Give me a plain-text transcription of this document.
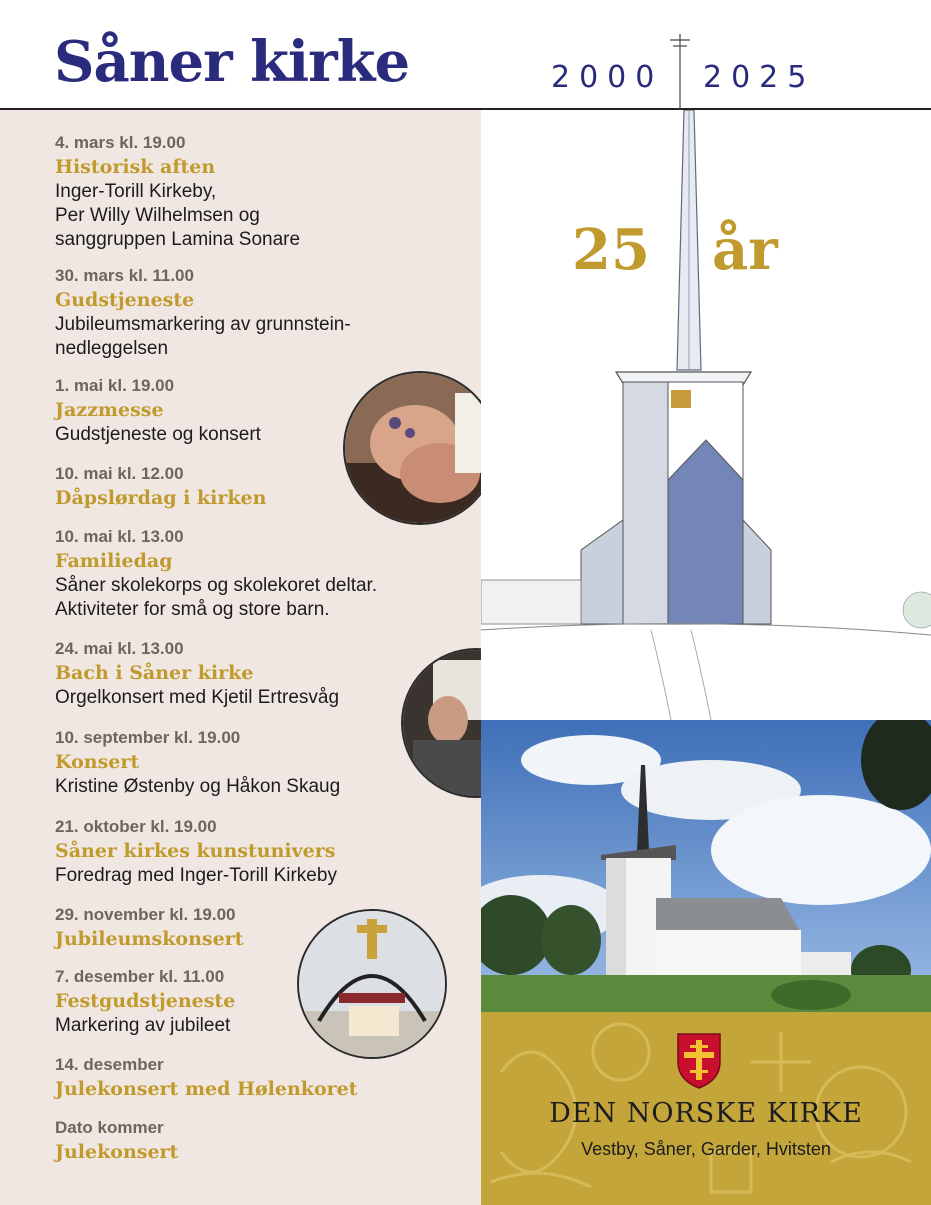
Såner kirke	2000 2025
4. mars kl. 19.00
Historisk aften
Inger-Torill Kirkeby,
Per Willy Wilhelmsen og
sanggruppen Lamina Sonare
30. mars kl. 11.00
Gudstjeneste
Jubileumsmarkering av grunnstein-
nedleggelsen
1. mai kl. 19.00
Jazzmesse
Gudstjeneste og konsert
10. mai kl. 12.00
Dåpslørdag i kirken
10. mai kl. 13.00
Familiedag
Såner skolekorps og skolekoret deltar.
Aktiviteter for små og store barn.
24. mai kl. 13.00
Bach i Såner kirke
Orgelkonsert med Kjetil Ertresvåg
10. september kl. 19.00
Konsert
Kristine Østenby og Håkon Skaug
21. oktober kl. 19.00
Såner kirkes kunstunivers
Foredrag med Inger-Torill Kirkeby
29. november kl. 19.00
Jubileumskonsert
7. desember kl. 11.00
Festgudstjeneste
Markering av jubileet
14. desember
Julekonsert med Hølenkoret
Dato kommer
Julekonsert
25 år
DEN NORSKE KIRKE
Vestby, Såner, Garder, Hvitsten
